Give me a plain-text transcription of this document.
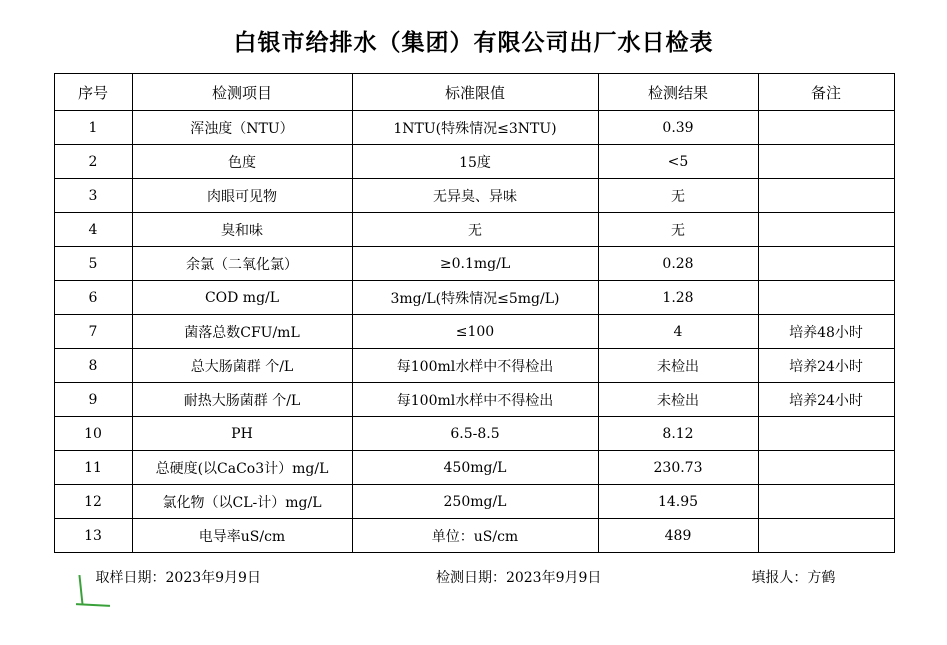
白银市给排水（集团）有限公司出厂水日检表
序号	检测项目	标准限值	检测结果	备注
1	浑浊度（NTU）	1NTU(特殊情况≤3NTU)	0.39	
2	色度	15度	<5	
3	肉眼可见物	无异臭、异味	无	
4	臭和味	无	无	
5	余氯（二氧化氯）	≥0.1mg/L	0.28	
6	COD mg/L	3mg/L(特殊情况≤5mg/L)	1.28	
7	菌落总数CFU/mL	≤100	4	培养48小时
8	总大肠菌群 个/L	每100ml水样中不得检出	未检出	培养24小时
9	耐热大肠菌群 个/L	每100ml水样中不得检出	未检出	培养24小时
10	PH	6.5-8.5	8.12	
11	总硬度(以CaCo3计）mg/L	450mg/L	230.73	
12	氯化物（以CL-计）mg/L	250mg/L	14.95	
13	电导率uS/cm	单位：uS/cm	489	
取样日期：2023年9月9日	检测日期：2023年9月9日	填报人：方鹤
